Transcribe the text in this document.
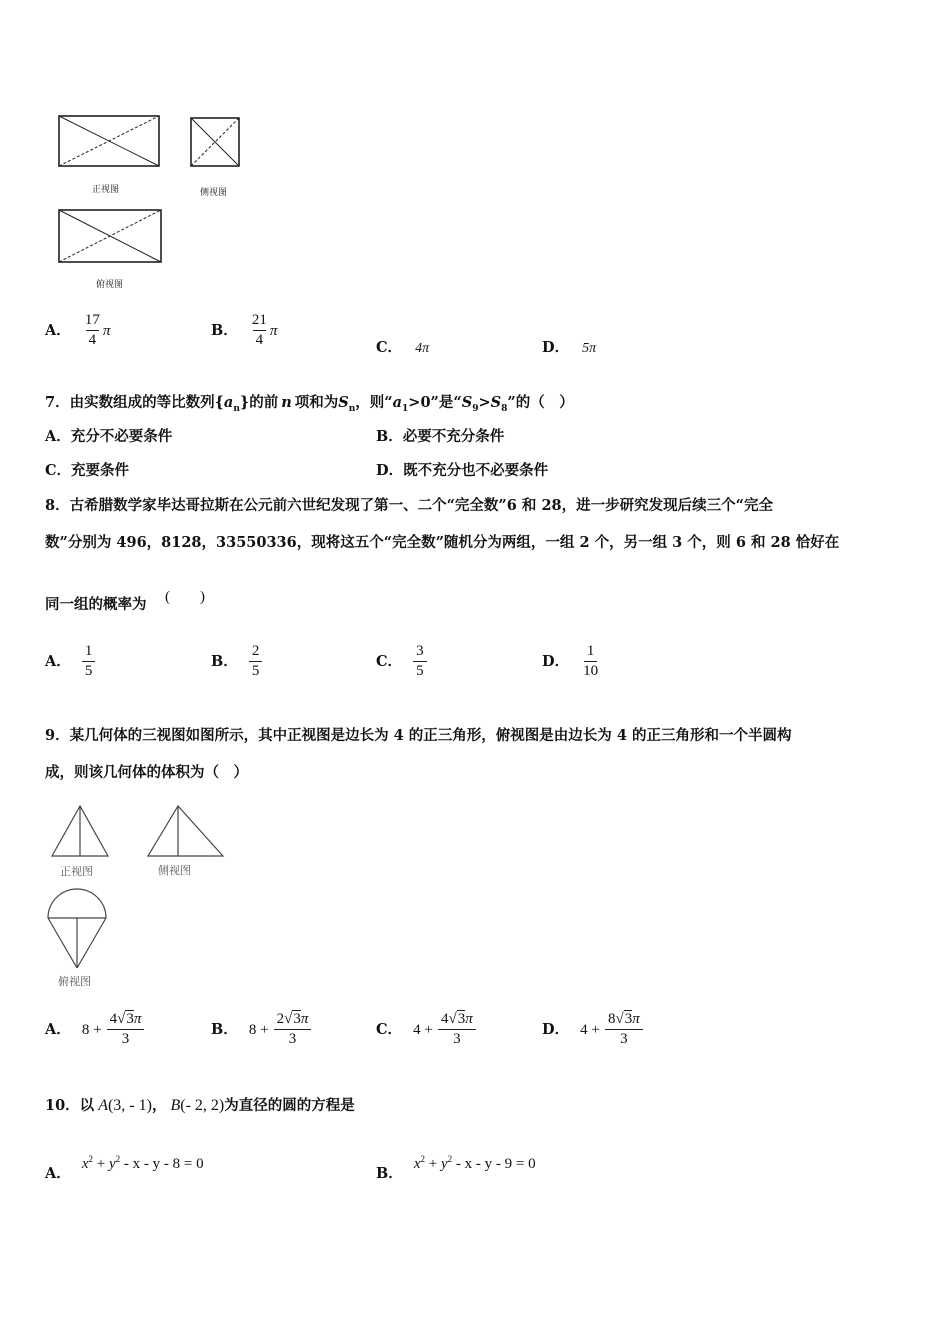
正视图	侧视图
俯视图
A． $\frac{17}{4}$ π	B． $\frac{21}{4}$ π
C． 4π	D． 5π
7．由实数组成的等比数列$\{a_n\}$的前 n 项和为$S_n$，则“$a_1>0$”是“$S_9>S_8$”的（　）
A．充分不必要条件	B．必要不充分条件
C．充要条件	D．既不充分也不必要条件
8．古希腊数学家毕达哥拉斯在公元前六世纪发现了第一、二个“完全数”6 和 28，进一步研究发现后续三个“完全
数”分别为 496，8128，33550336，现将这五个“完全数”随机分为两组，一组 2 个，另一组 3 个，则 6 和 28 恰好在
同一组的概率为 (　　)
A． $\frac{1}{5}$	B． $\frac{2}{5}$	C． $\frac{3}{5}$	D． $\frac{1}{10}$
9．某几何体的三视图如图所示，其中正视图是边长为 4 的正三角形，俯视图是由边长为 4 的正三角形和一个半圆构
成，则该几何体的体积为（　）
正视图	侧视图
俯视图
A． $8 + \frac{4√3\pi}{3}$	B． $8 + \frac{2√3\pi}{3}$	C． $4 + \frac{4√3\pi}{3}$	D． $4 + \frac{8√3\pi}{3}$
10．以 A(3, - 1)， B(- 2, 2)为直径的圆的方程是
A． $x^2 + y^2 - x - y - 8 = 0$
B． $x^2 + y^2 - x - y - 9 = 0$
